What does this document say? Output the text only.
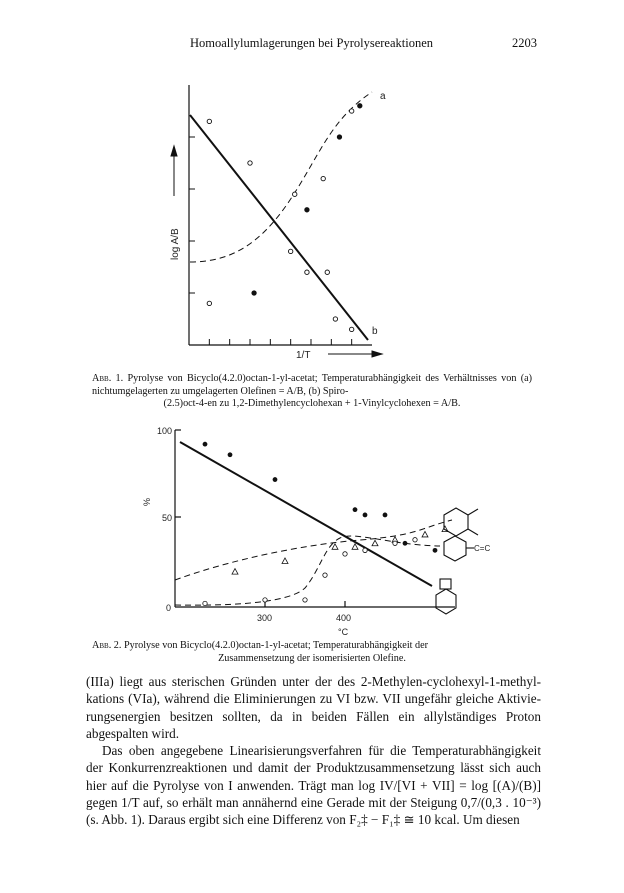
Homoallylumlagerungen bei Pyrolysereaktionen	2203
log A/B
1/T
a
b
Abb. 1. Pyrolyse von Bicyclo(4.2.0)octan-1-yl-acetat; Temperaturabhängigkeit des Verhältnisses von (a) nichtumgelagerten zu umgelagerten Olefinen = A/B, (b) Spiro-
(2.5)oct-4-en zu 1,2-Dimethylencyclohexan + 1-Vinylcyclohexen = A/B.
100
50
0
%
300	400
°C
C=C
Abb. 2. Pyrolyse von Bicyclo(4.2.0)octan-1-yl-acetat; Temperaturabhängigkeit der
Zusammensetzung der isomerisierten Olefine.

(IIIa) liegt aus sterischen Gründen unter der des 2-Methylen-cyclohexyl-1-methyl-kations (VIa), während die Eliminierungen zu VI bzw. VII ungefähr gleiche Aktivie-rungsenergien besitzen sollten, da in beiden Fällen ein allylständiges Proton abgespalten wird.

Das oben angegebene Linearisierungsverfahren für die Temperaturabhängigkeit der Konkurrenzreaktionen und damit der Produktzusammensetzung lässt sich auch hier auf die Pyrolyse von I anwenden. Trägt man log IV/[VI + VII] = log [(A)/(B)] gegen 1/T auf, so erhält man annähernd eine Gerade mit der Steigung 0,7/(0,3 . 10⁻³) (s. Abb. 1). Daraus ergibt sich eine Differenz von F₂‡ − F₁‡ ≅ 10 kcal. Um diesen
